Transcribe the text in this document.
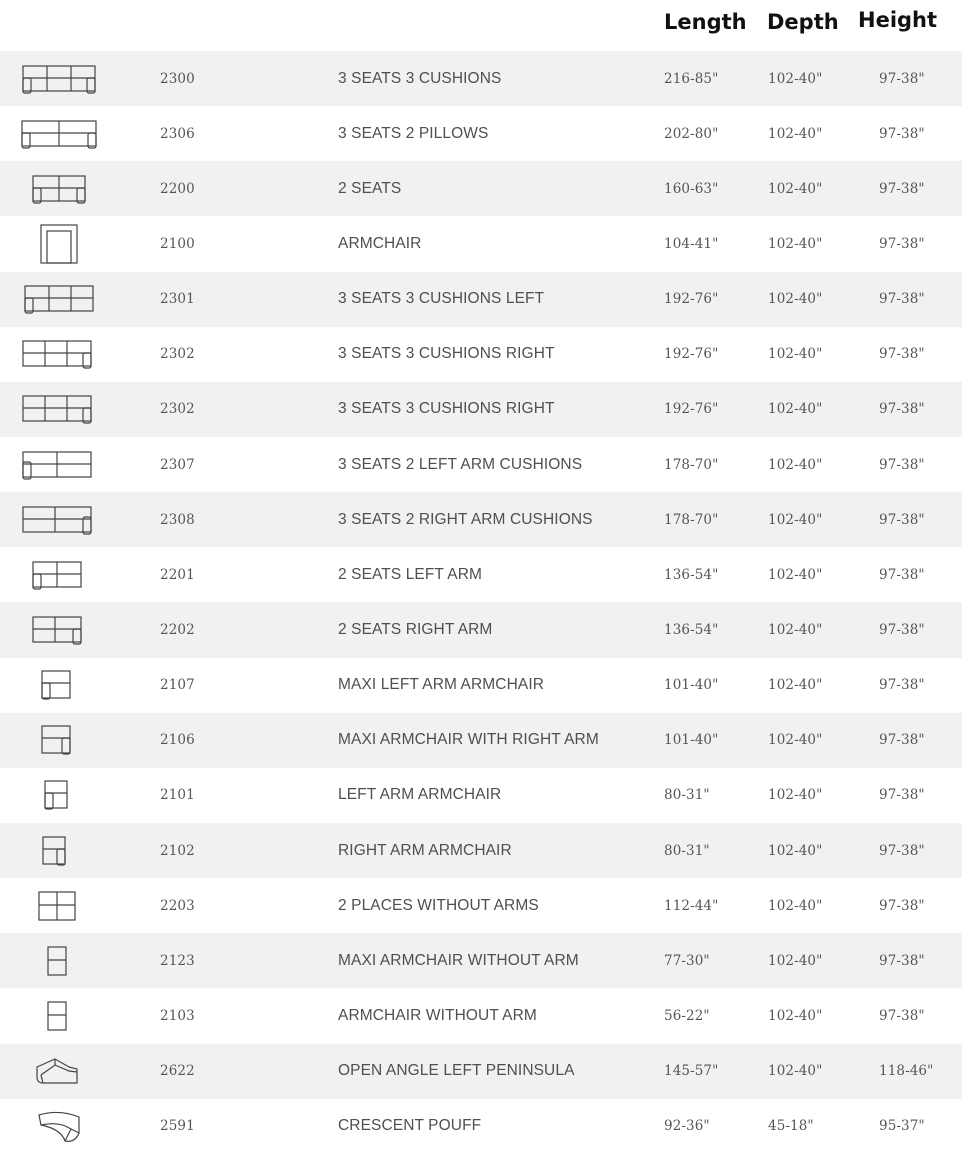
Length Depth Height
2300	3 SEATS 3 CUSHIONS	216-85"	102-40"	97-38"
2306	3 SEATS 2 PILLOWS	202-80"	102-40"	97-38"
2200	2 SEATS	160-63"	102-40"	97-38"
2100	ARMCHAIR	104-41"	102-40"	97-38"
2301	3 SEATS 3 CUSHIONS LEFT	192-76"	102-40"	97-38"
2302	3 SEATS 3 CUSHIONS RIGHT	192-76"	102-40"	97-38"
2302	3 SEATS 3 CUSHIONS RIGHT	192-76"	102-40"	97-38"
2307	3 SEATS 2 LEFT ARM CUSHIONS	178-70"	102-40"	97-38"
2308	3 SEATS 2 RIGHT ARM CUSHIONS	178-70"	102-40"	97-38"
2201	2 SEATS LEFT ARM	136-54"	102-40"	97-38"
2202	2 SEATS RIGHT ARM	136-54"	102-40"	97-38"
2107	MAXI LEFT ARM ARMCHAIR	101-40"	102-40"	97-38"
2106	MAXI ARMCHAIR WITH RIGHT ARM	101-40"	102-40"	97-38"
2101	LEFT ARM ARMCHAIR	80-31"	102-40"	97-38"
2102	RIGHT ARM ARMCHAIR	80-31"	102-40"	97-38"
2203	2 PLACES WITHOUT ARMS	112-44"	102-40"	97-38"
2123	MAXI ARMCHAIR WITHOUT ARM	77-30"	102-40"	97-38"
2103	ARMCHAIR WITHOUT ARM	56-22"	102-40"	97-38"
2622	OPEN ANGLE LEFT PENINSULA	145-57"	102-40"	118-46"
2591	CRESCENT POUFF	92-36"	45-18"	95-37"
